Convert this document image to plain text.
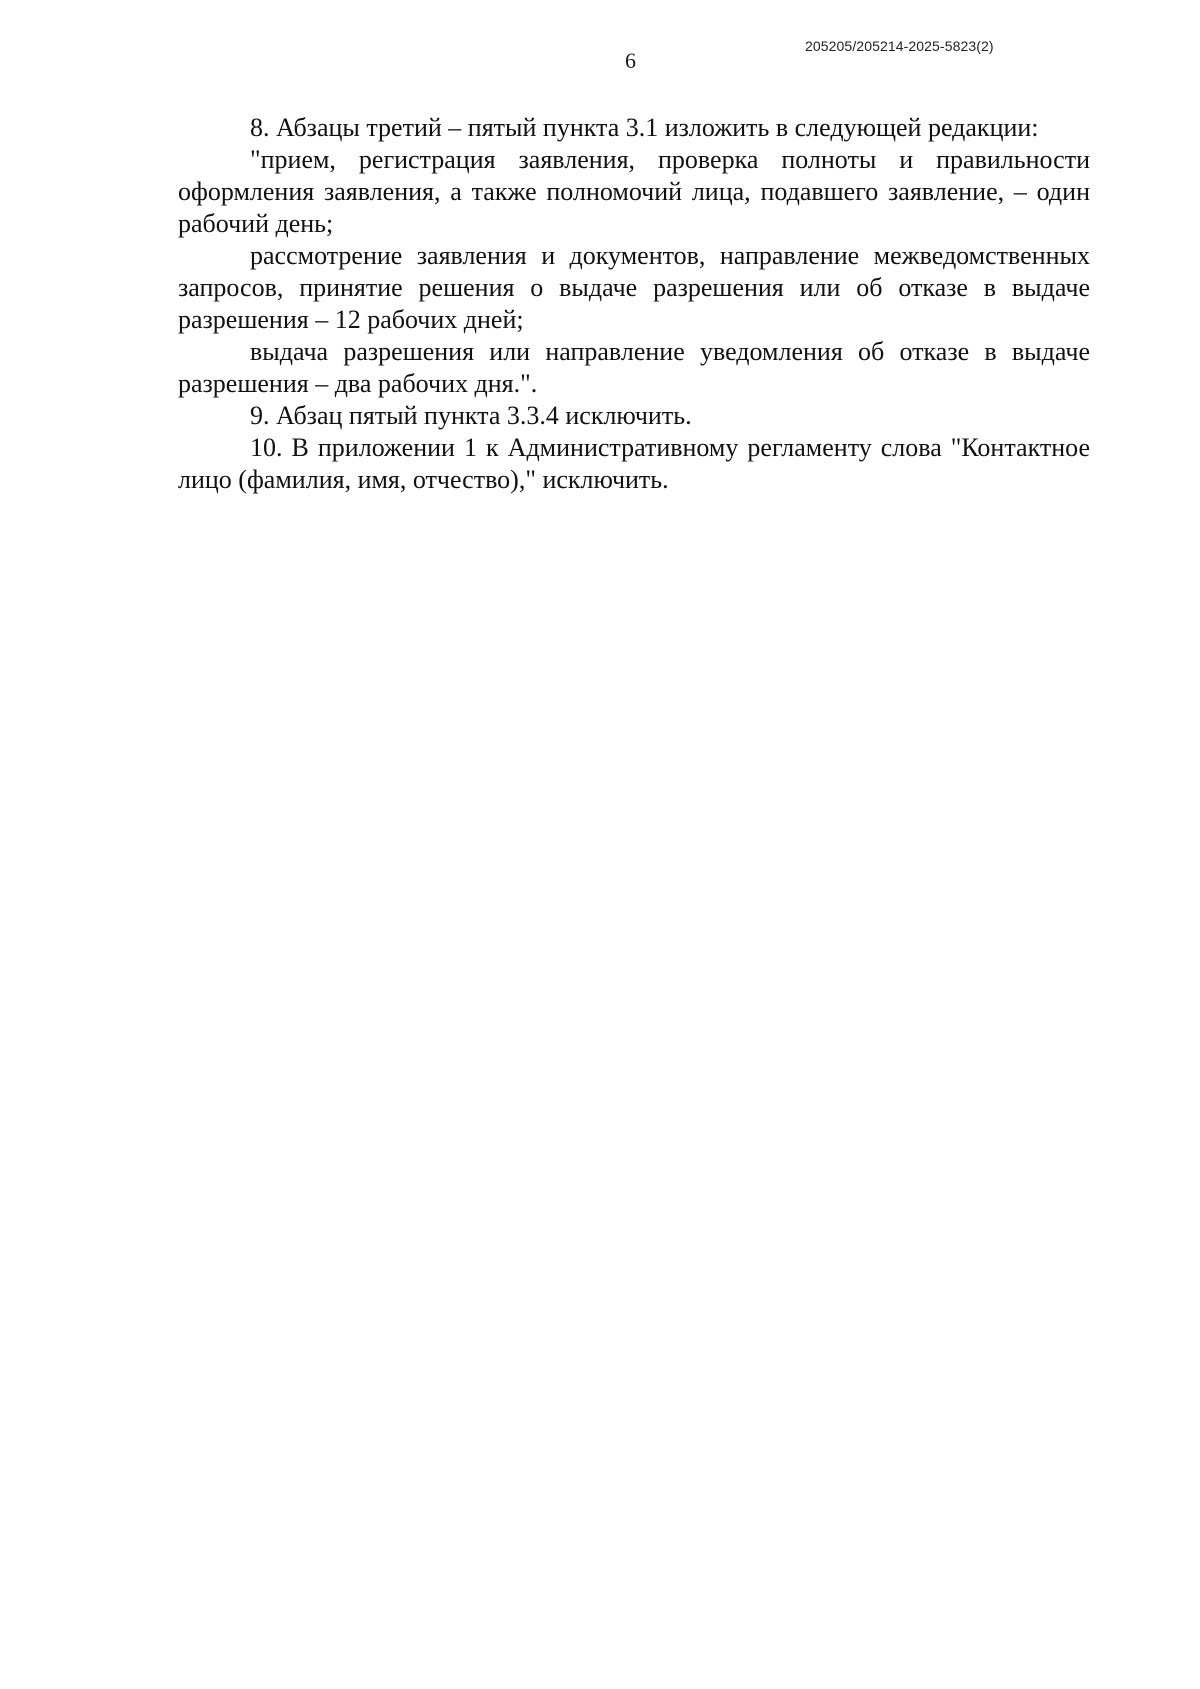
205205/205214-2025-5823(2)
6

8. Абзацы третий – пятый пункта 3.1 изложить в следующей редакции:

"прием, регистрация заявления, проверка полноты и правильности оформления заявления, а также полномочий лица, подавшего заявление, – один рабочий день;

рассмотрение заявления и документов, направление межведомственных запросов, принятие решения о выдаче разрешения или об отказе в выдаче разрешения – 12 рабочих дней;

выдача разрешения или направление уведомления об отказе в выдаче разрешения – два рабочих дня.".

9. Абзац пятый пункта 3.3.4 исключить.

10. В приложении 1 к Административному регламенту слова "Контактное лицо (фамилия, имя, отчество)," исключить.
